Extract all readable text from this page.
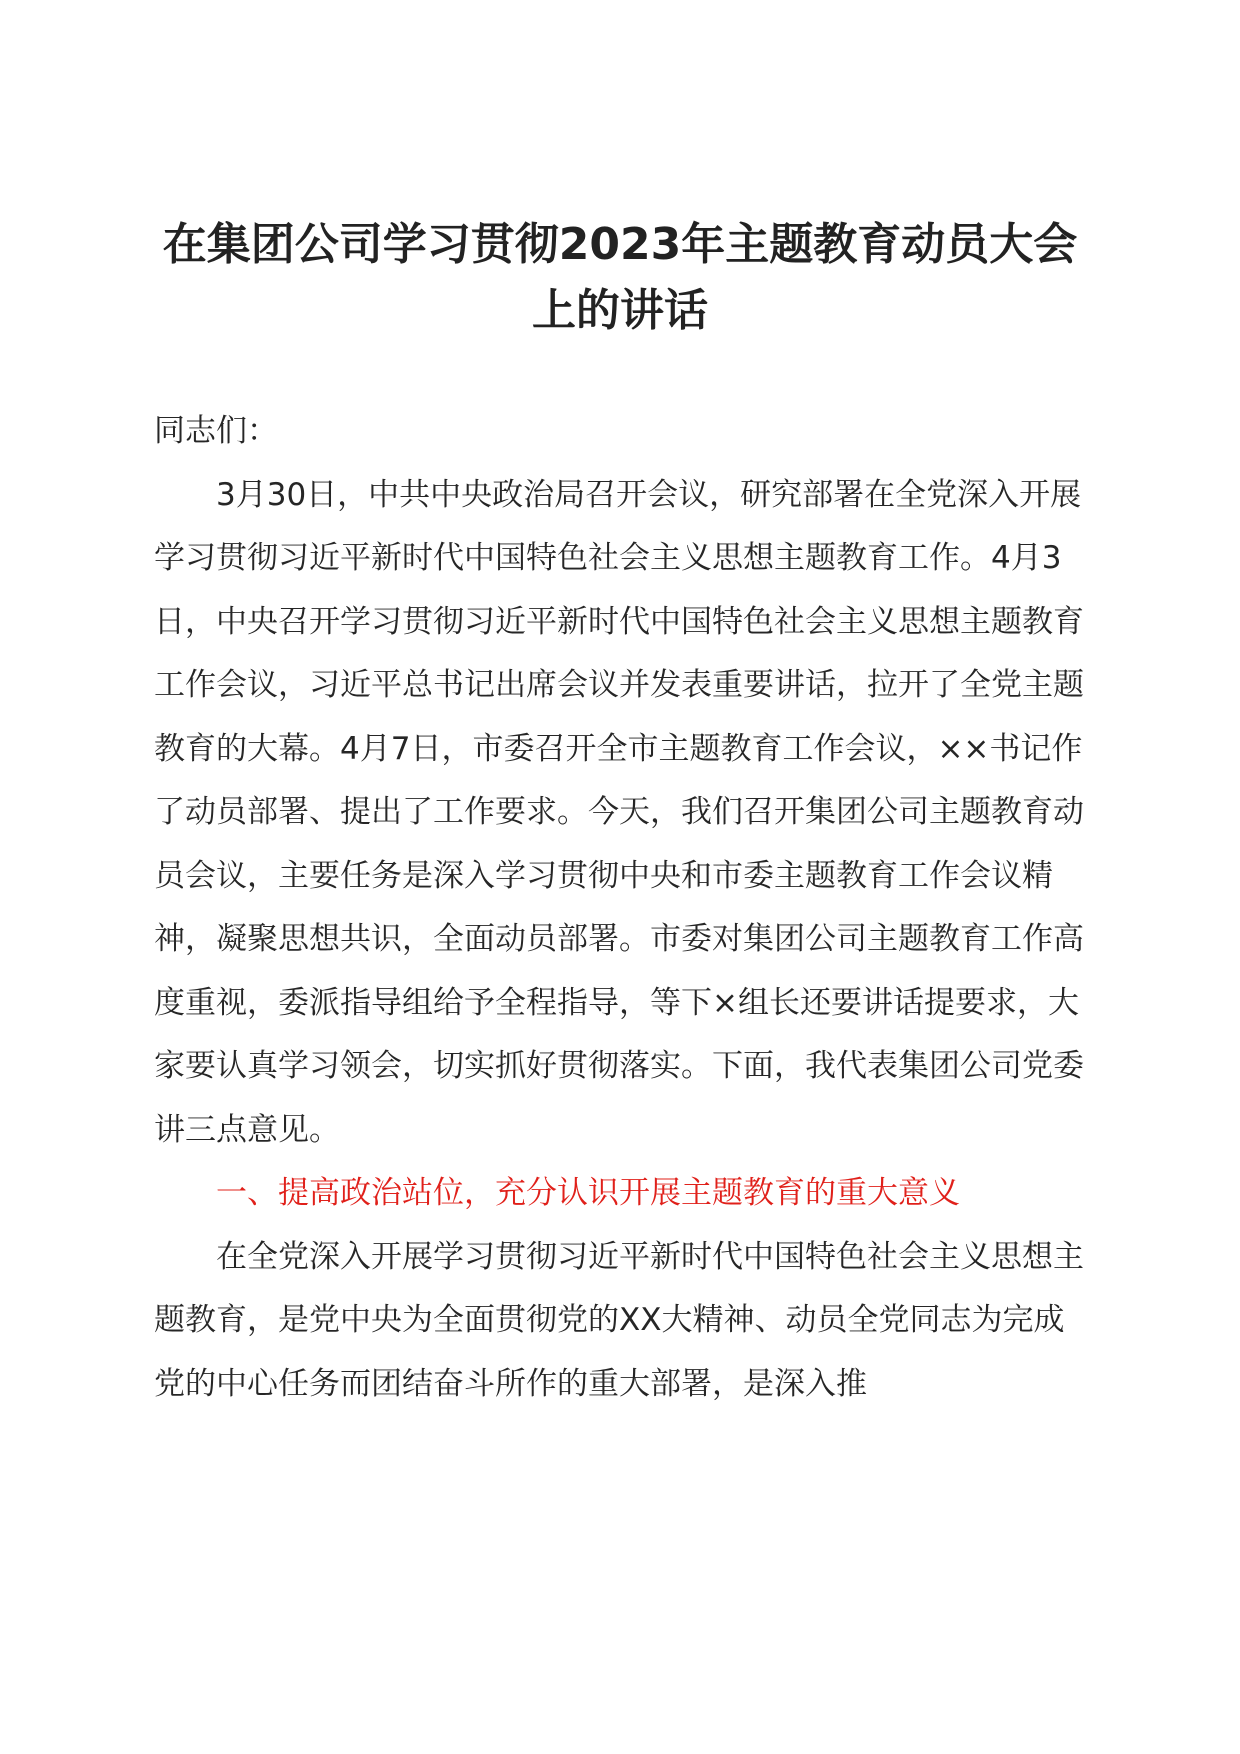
在集团公司学习贯彻2023年主题教育动员大会上的讲话

同志们：

3月30日，中共中央政治局召开会议，研究部署在全党深入开展学习贯彻习近平新时代中国特色社会主义思想主题教育工作。4月3日，中央召开学习贯彻习近平新时代中国特色社会主义思想主题教育工作会议，习近平总书记出席会议并发表重要讲话，拉开了全党主题教育的大幕。4月7日，市委召开全市主题教育工作会议，××书记作了动员部署、提出了工作要求。今天，我们召开集团公司主题教育动员会议，主要任务是深入学习贯彻中央和市委主题教育工作会议精神，凝聚思想共识，全面动员部署。市委对集团公司主题教育工作高度重视，委派指导组给予全程指导，等下×组长还要讲话提要求，大家要认真学习领会，切实抓好贯彻落实。下面，我代表集团公司党委讲三点意见。

一、提高政治站位，充分认识开展主题教育的重大意义

在全党深入开展学习贯彻习近平新时代中国特色社会主义思想主题教育，是党中央为全面贯彻党的XX大精神、动员全党同志为完成党的中心任务而团结奋斗所作的重大部署，是深入推
